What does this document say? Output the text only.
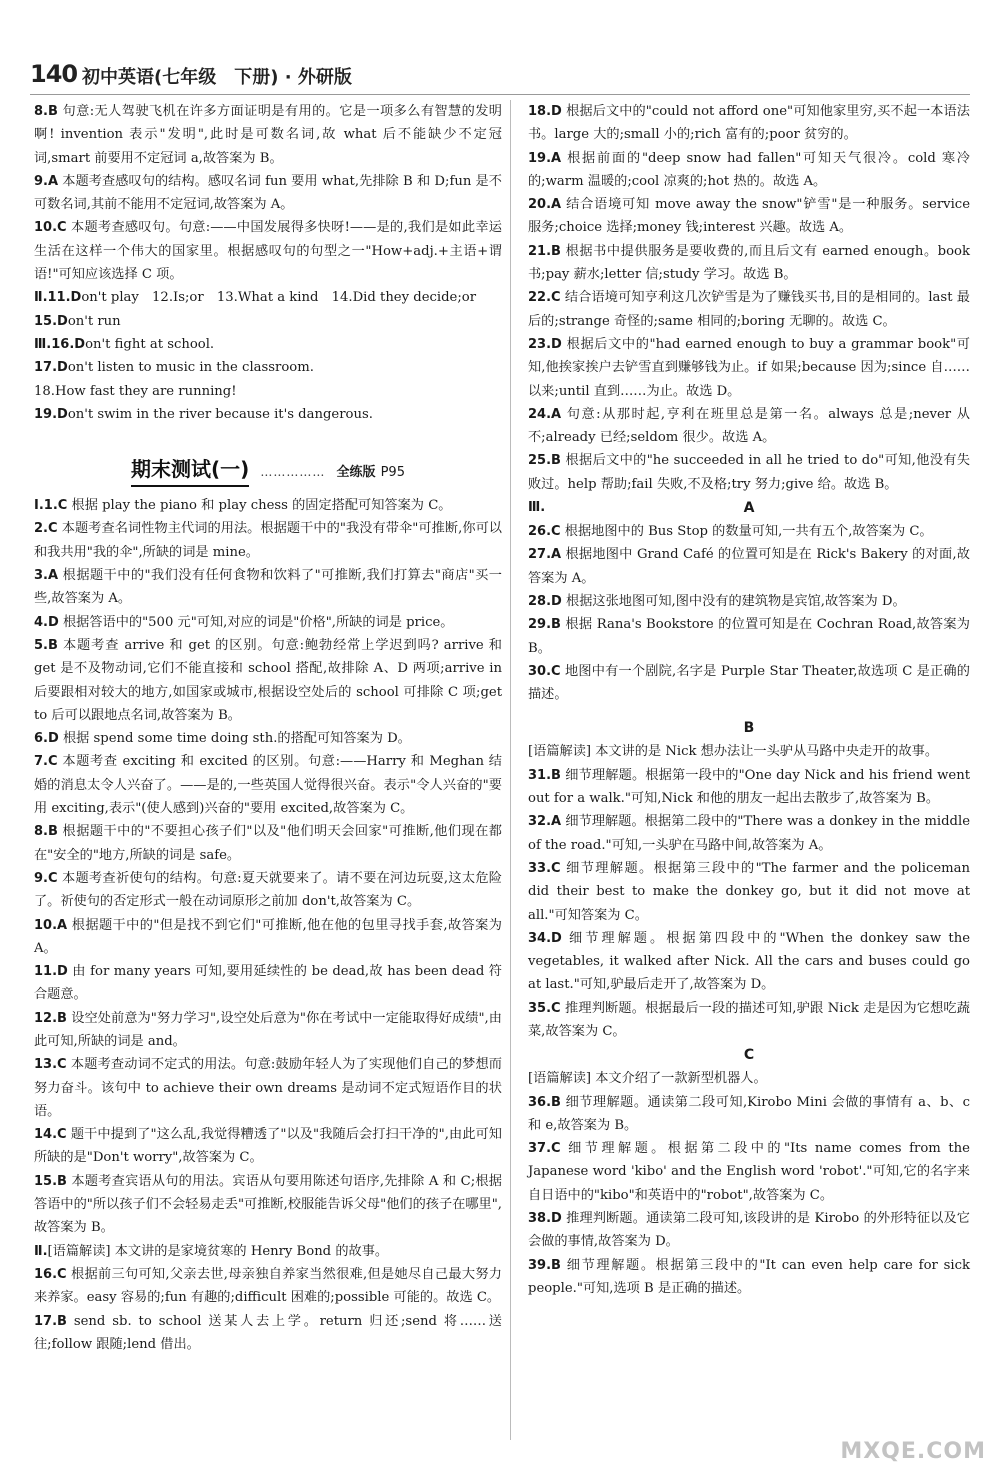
140 初中英语(七年级　下册) · 外研版

8.B 句意:无人驾驶飞机在许多方面证明是有用的。它是一项多么有智慧的发明啊! invention 表示"发明",此时是可数名词,故 what 后不能缺少不定冠词,smart 前要用不定冠词 a,故答案为 B。

9.A 本题考查感叹句的结构。感叹名词 fun 要用 what,先排除 B 和 D;fun 是不可数名词,其前不能用不定冠词,故答案为 A。

10.C 本题考查感叹句。句意:——中国发展得多快呀!——是的,我们是如此幸运生活在这样一个伟大的国家里。根据感叹句的句型之一"How+adj.+主语+谓语!"可知应该选择 C 项。

Ⅱ.11.Don't play　12.Is;or　13.What a kind　14.Did they decide;or

15.Don't run

Ⅲ.16.Don't fight at school.

17.Don't listen to music in the classroom.

18.How fast they are running!

19.Don't swim in the river because it's dangerous.

期末测试(一) …………… 全练版 P95

Ⅰ.1.C 根据 play the piano 和 play chess 的固定搭配可知答案为 C。

2.C 本题考查名词性物主代词的用法。根据题干中的"我没有带伞"可推断,你可以和我共用"我的伞",所缺的词是 mine。

3.A 根据题干中的"我们没有任何食物和饮料了"可推断,我们打算去"商店"买一些,故答案为 A。

4.D 根据答语中的"500 元"可知,对应的词是"价格",所缺的词是 price。

5.B 本题考查 arrive 和 get 的区别。句意:鲍勃经常上学迟到吗? arrive 和 get 是不及物动词,它们不能直接和 school 搭配,故排除 A、D 两项;arrive in 后要跟相对较大的地方,如国家或城市,根据设空处后的 school 可排除 C 项;get to 后可以跟地点名词,故答案为 B。

6.D 根据 spend some time doing sth.的搭配可知答案为 D。

7.C 本题考查 exciting 和 excited 的区别。句意:——Harry 和 Meghan 结婚的消息太令人兴奋了。——是的,一些英国人觉得很兴奋。表示"令人兴奋的"要用 exciting,表示"(使人感到)兴奋的"要用 excited,故答案为 C。

8.B 根据题干中的"不要担心孩子们"以及"他们明天会回家"可推断,他们现在都在"安全的"地方,所缺的词是 safe。

9.C 本题考查祈使句的结构。句意:夏天就要来了。请不要在河边玩耍,这太危险了。祈使句的否定形式一般在动词原形之前加 don't,故答案为 C。

10.A 根据题干中的"但是找不到它们"可推断,他在他的包里寻找手套,故答案为 A。

11.D 由 for many years 可知,要用延续性的 be dead,故 has been dead 符合题意。

12.B 设空处前意为"努力学习",设空处后意为"你在考试中一定能取得好成绩",由此可知,所缺的词是 and。

13.C 本题考查动词不定式的用法。句意:鼓励年轻人为了实现他们自己的梦想而努力奋斗。该句中 to achieve their own dreams 是动词不定式短语作目的状语。

14.C 题干中提到了"这么乱,我觉得糟透了"以及"我随后会打扫干净的",由此可知所缺的是"Don't worry",故答案为 C。

15.B 本题考查宾语从句的用法。宾语从句要用陈述句语序,先排除 A 和 C;根据答语中的"所以孩子们不会轻易走丢"可推断,校服能告诉父母"他们的孩子在哪里",故答案为 B。

Ⅱ.[语篇解读] 本文讲的是家境贫寒的 Henry Bond 的故事。

16.C 根据前三句可知,父亲去世,母亲独自养家当然很难,但是她尽自己最大努力来养家。easy 容易的;fun 有趣的;difficult 困难的;possible 可能的。故选 C。

17.B send sb. to school 送某人去上学。return 归还;send 将……送往;follow 跟随;lend 借出。

18.D 根据后文中的"could not afford one"可知他家里穷,买不起一本语法书。large 大的;small 小的;rich 富有的;poor 贫穷的。

19.A 根据前面的"deep snow had fallen"可知天气很冷。cold 寒冷的;warm 温暖的;cool 凉爽的;hot 热的。故选 A。

20.A 结合语境可知 move away the snow"铲雪"是一种服务。service 服务;choice 选择;money 钱;interest 兴趣。故选 A。

21.B 根据书中提供服务是要收费的,而且后文有 earned enough。book 书;pay 薪水;letter 信;study 学习。故选 B。

22.C 结合语境可知亨利这几次铲雪是为了赚钱买书,目的是相同的。last 最后的;strange 奇怪的;same 相同的;boring 无聊的。故选 C。

23.D 根据后文中的"had earned enough to buy a grammar book"可知,他挨家挨户去铲雪直到赚够钱为止。if 如果;because 因为;since 自……以来;until 直到……为止。故选 D。

24.A 句意:从那时起,亨利在班里总是第一名。always 总是;never 从不;already 已经;seldom 很少。故选 A。

25.B 根据后文中的"he succeeded in all he tried to do"可知,他没有失败过。help 帮助;fail 失败,不及格;try 努力;give 给。故选 B。

Ⅲ.	A

26.C 根据地图中的 Bus Stop 的数量可知,一共有五个,故答案为 C。

27.A 根据地图中 Grand Café 的位置可知是在 Rick's Bakery 的对面,故答案为 A。

28.D 根据这张地图可知,图中没有的建筑物是宾馆,故答案为 D。

29.B 根据 Rana's Bookstore 的位置可知是在 Cochran Road,故答案为 B。

30.C 地图中有一个剧院,名字是 Purple Star Theater,故选项 C 是正确的描述。

B

[语篇解读] 本文讲的是 Nick 想办法让一头驴从马路中央走开的故事。

31.B 细节理解题。根据第一段中的"One day Nick and his friend went out for a walk."可知,Nick 和他的朋友一起出去散步了,故答案为 B。

32.A 细节理解题。根据第二段中的"There was a donkey in the middle of the road."可知,一头驴在马路中间,故答案为 A。

33.C 细节理解题。根据第三段中的"The farmer and the policeman did their best to make the donkey go, but it did not move at all."可知答案为 C。

34.D 细节理解题。根据第四段中的"When the donkey saw the vegetables, it walked after Nick. All the cars and buses could go at last."可知,驴最后走开了,故答案为 D。

35.C 推理判断题。根据最后一段的描述可知,驴跟 Nick 走是因为它想吃蔬菜,故答案为 C。

C

[语篇解读] 本文介绍了一款新型机器人。

36.B 细节理解题。通读第二段可知,Kirobo Mini 会做的事情有 a、b、c 和 e,故答案为 B。

37.C 细节理解题。根据第二段中的"Its name comes from the Japanese word 'kibo' and the English word 'robot'."可知,它的名字来自日语中的"kibo"和英语中的"robot",故答案为 C。

38.D 推理判断题。通读第二段可知,该段讲的是 Kirobo 的外形特征以及它会做的事情,故答案为 D。

39.B 细节理解题。根据第三段中的"It can even help care for sick people."可知,选项 B 是正确的描述。

MXQE.COM
